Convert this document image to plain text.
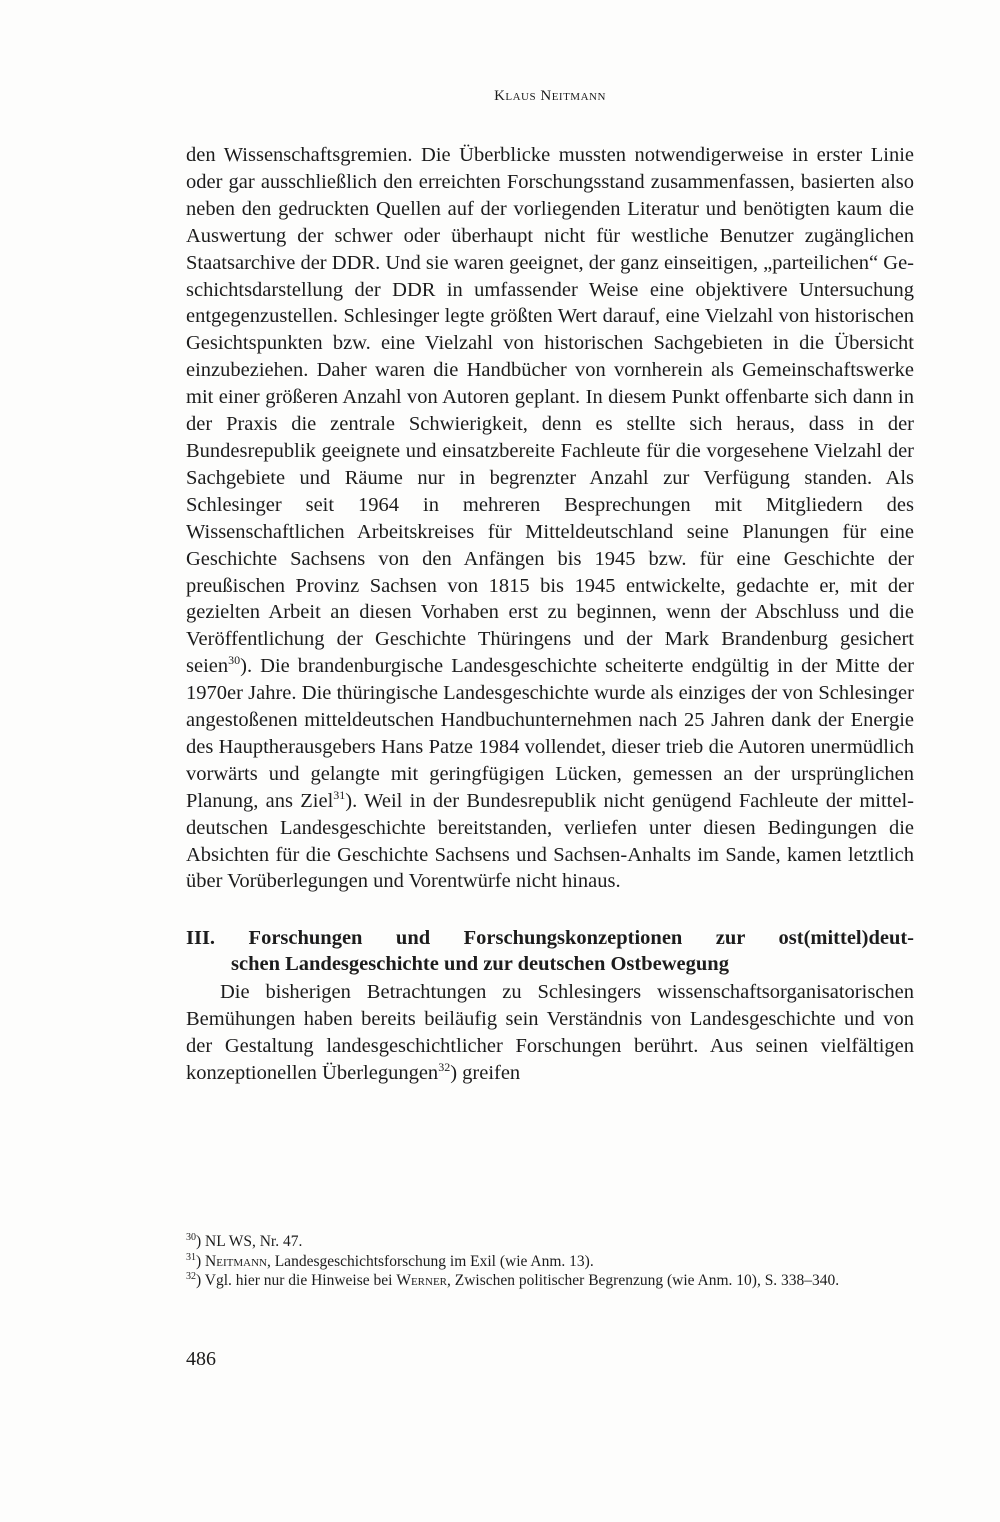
Klaus Neitmann

den Wissenschaftsgremien. Die Überblicke mussten notwendigerweise in erster Linie oder gar ausschließlich den erreichten Forschungsstand zusammenfassen, basierten also neben den gedruckten Quellen auf der vorliegenden Literatur und benötigten kaum die Auswertung der schwer oder überhaupt nicht für westliche Benutzer zugänglichen Staatsarchive der DDR. Und sie waren geeignet, der ganz einseitigen, „parteilichen“ Geschichtsdarstellung der DDR in umfassender Weise eine objektivere Untersuchung entgegenzustellen. Schlesinger legte größten Wert darauf, eine Vielzahl von historischen Gesichtspunkten bzw. eine Vielzahl von historischen Sachgebieten in die Übersicht einzubeziehen. Daher waren die Handbücher von vornherein als Gemeinschaftswerke mit einer größeren Anzahl von Autoren geplant. In diesem Punkt offenbarte sich dann in der Praxis die zentrale Schwierigkeit, denn es stellte sich heraus, dass in der Bundesrepublik geeignete und einsatzbereite Fachleute für die vorgesehene Vielzahl der Sachgebiete und Räume nur in begrenzter Anzahl zur Verfügung standen. Als Schlesinger seit 1964 in mehreren Besprechungen mit Mitgliedern des Wissenschaftlichen Arbeitskreises für Mitteldeutschland seine Planungen für eine Geschichte Sachsens von den Anfängen bis 1945 bzw. für eine Geschichte der preußischen Provinz Sachsen von 1815 bis 1945 entwickelte, gedachte er, mit der gezielten Arbeit an diesen Vorhaben erst zu beginnen, wenn der Abschluss und die Veröffentlichung der Geschichte Thüringens und der Mark Brandenburg gesichert seien$^{30}$). Die brandenburgische Landesgeschichte scheiterte endgültig in der Mitte der 1970er Jahre. Die thüringische Landesgeschichte wurde als einziges der von Schlesinger angestoßenen mitteldeutschen Handbuchunternehmen nach 25 Jahren dank der Energie des Hauptherausgebers Hans Patze 1984 vollendet, dieser trieb die Autoren unermüdlich vorwärts und gelangte mit geringfügigen Lücken, gemessen an der ursprünglichen Planung, ans Ziel$^{31}$). Weil in der Bundesrepublik nicht genügend Fachleute der mitteldeutschen Landesgeschichte bereitstanden, verliefen unter diesen Bedingungen die Absichten für die Geschichte Sachsens und Sachsen-Anhalts im Sande, kamen letztlich über Vorüberlegungen und Vorentwürfe nicht hinaus.

III. Forschungen und Forschungskonzeptionen zur ost(mittel)deut-
schen Landesgeschichte und zur deutschen Ostbewegung

Die bisherigen Betrachtungen zu Schlesingers wissenschaftsorganisatorischen Bemühungen haben bereits beiläufig sein Verständnis von Landesgeschichte und von der Gestaltung landesgeschichtlicher Forschungen berührt. Aus seinen vielfältigen konzeptionellen Überlegungen$^{32}$) greifen

$^{30}$) NL WS, Nr. 47.

$^{31}$) Neitmann, Landesgeschichtsforschung im Exil (wie Anm. 13).

$^{32}$) Vgl. hier nur die Hinweise bei Werner, Zwischen politischer Begrenzung (wie Anm. 10), S. 338–340.

486
